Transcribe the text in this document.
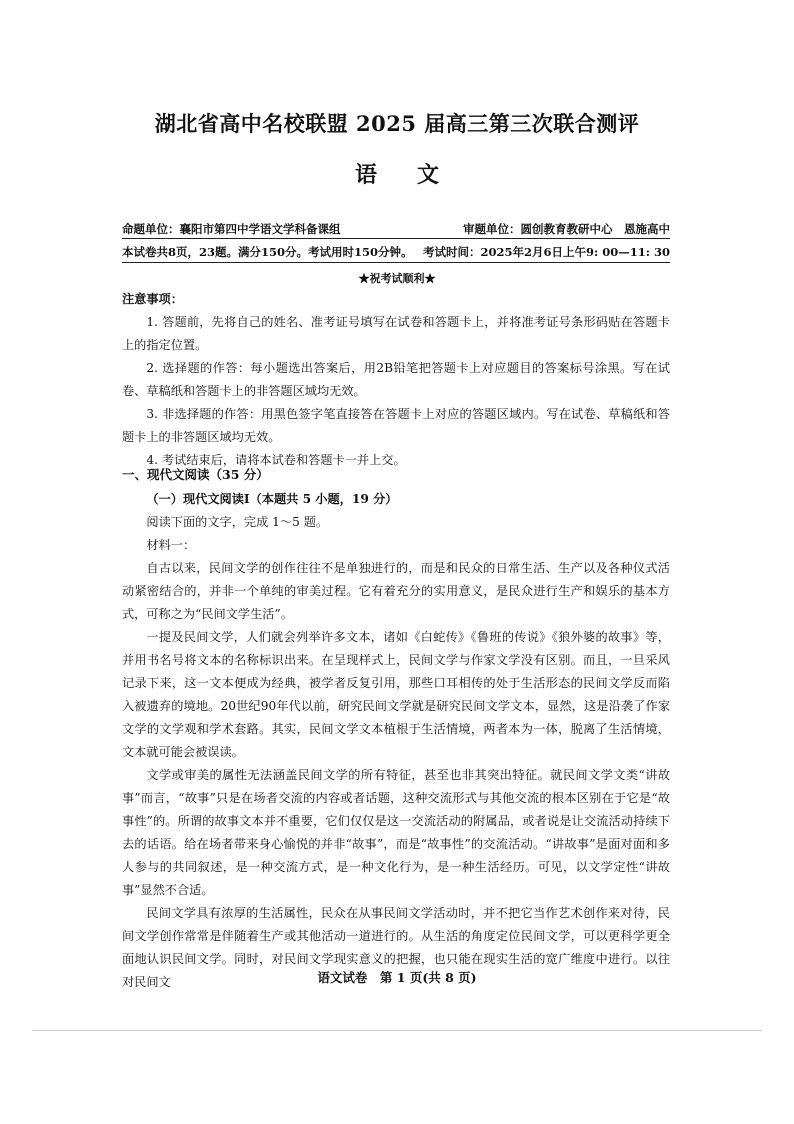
湖北省高中名校联盟 2025 届高三第三次联合测评
语文
命题单位：襄阳市第四中学语文学科备课组	审题单位：圆创教育教研中心　恩施高中
本试卷共8页，23题。满分150分。考试用时150分钟。 考试时间：2025年2月6日上午9: 00—11: 30
★祝考试顺利★
注意事项：

1. 答题前，先将自己的姓名、准考证号填写在试卷和答题卡上，并将准考证号条形码贴在答题卡上的指定位置。

2. 选择题的作答：每小题选出答案后，用2B铅笔把答题卡上对应题目的答案标号涂黑。写在试卷、草稿纸和答题卡上的非答题区域均无效。

3. 非选择题的作答：用黑色签字笔直接答在答题卡上对应的答题区域内。写在试卷、草稿纸和答题卡上的非答题区域均无效。

4. 考试结束后，请将本试卷和答题卡一并上交。

一、现代文阅读（35 分）

（一）现代文阅读Ⅰ（本题共 5 小题，19 分）

阅读下面的文字，完成 1～5 题。

材料一：

自古以来，民间文学的创作往往不是单独进行的，而是和民众的日常生活、生产以及各种仪式活动紧密结合的，并非一个单纯的审美过程。它有着充分的实用意义，是民众进行生产和娱乐的基本方式，可称之为“民间文学生活”。

一提及民间文学，人们就会列举许多文本，诸如《白蛇传》《鲁班的传说》《狼外婆的故事》等，并用书名号将文本的名称标识出来。在呈现样式上，民间文学与作家文学没有区别。而且，一旦采风记录下来，这一文本便成为经典，被学者反复引用，那些口耳相传的处于生活形态的民间文学反而陷入被遗弃的境地。20世纪90年代以前，研究民间文学就是研究民间文学文本，显然，这是沿袭了作家文学的文学观和学术套路。其实，民间文学文本植根于生活情境，两者本为一体，脱离了生活情境，文本就可能会被误读。

文学或审美的属性无法涵盖民间文学的所有特征，甚至也非其突出特征。就民间文学文类“讲故事”而言，“故事”只是在场者交流的内容或者话题，这种交流形式与其他交流的根本区别在于它是“故事性”的。所谓的故事文本并不重要，它们仅仅是这一交流活动的附属品，或者说是让交流活动持续下去的话语。给在场者带来身心愉悦的并非“故事”，而是“故事性”的交流活动。“讲故事”是面对面和多人参与的共同叙述，是一种交流方式，是一种文化行为，是一种生活经历。可见，以文学定性“讲故事”显然不合适。

民间文学具有浓厚的生活属性，民众在从事民间文学活动时，并不把它当作艺术创作来对待，民间文学创作常常是伴随着生产或其他活动一道进行的。从生活的角度定位民间文学，可以更科学更全面地认识民间文学。同时，对民间文学现实意义的把握，也只能在现实生活的宽广维度中进行。以往对民间文	语文试卷　第 1 页(共 8 页)
